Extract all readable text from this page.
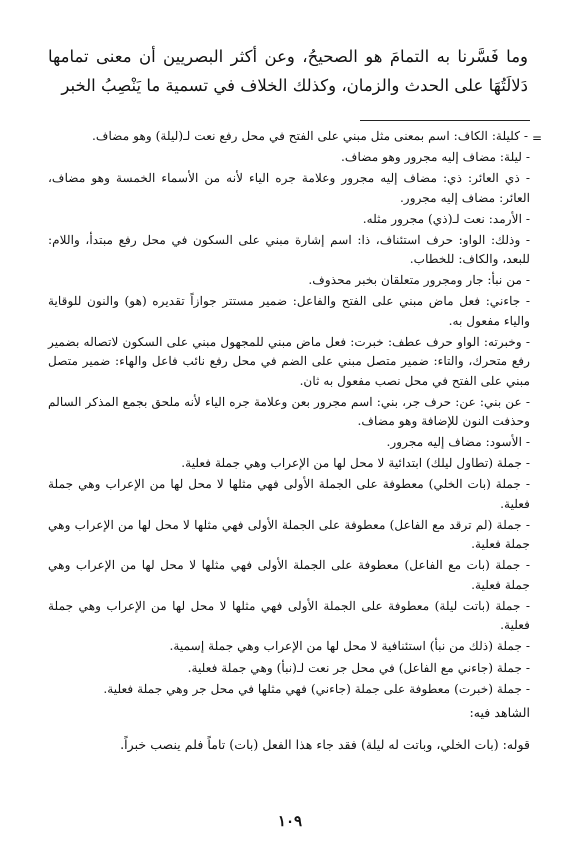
وما فَسَّرنا به التمامَ هو الصحيحُ، وعن أكثر البصريين أن معنى تمامها دَلالَتُهَا على الحدث والزمان، وكذلك الخلاف في تسمية ما يَنْصِبُ الخبر

=

- كليلة: الكاف: اسم بمعنى مثل مبني على الفتح في محل رفع نعت لـ(ليلة) وهو مضاف.

- ليلة: مضاف إليه مجرور وهو مضاف.

- ذي العائر: ذي: مضاف إليه مجرور وعلامة جره الياء لأنه من الأسماء الخمسة وهو مضاف، العائر: مضاف إليه مجرور.

- الأرمد: نعت لـ(ذي) مجرور مثله.

- وذلك: الواو: حرف استئناف، ذا: اسم إشارة مبني على السكون في محل رفع مبتدأ، واللام: للبعد، والكاف: للخطاب.

- من نبأ: جار ومجرور متعلقان بخبر محذوف.

- جاءني: فعل ماض مبني على الفتح والفاعل: ضمير مستتر جوازاً تقديره (هو) والنون للوقاية والياء مفعول به.

- وخبرته: الواو حرف عطف: خبرت: فعل ماض مبني للمجهول مبني على السكون لاتصاله بضمير رفع متحرك، والتاء: ضمير متصل مبني على الضم في محل رفع نائب فاعل والهاء: ضمير متصل مبني على الفتح في محل نصب مفعول به ثان.

- عن بني: عن: حرف جر، بني: اسم مجرور بعن وعلامة جره الياء لأنه ملحق بجمع المذكر السالم وحذفت النون للإضافة وهو مضاف.

- الأسود: مضاف إليه مجرور.

- جملة (تطاول ليلك) ابتدائية لا محل لها من الإعراب وهي جملة فعلية.

- جملة (بات الخلي) معطوفة على الجملة الأولى فهي مثلها لا محل لها من الإعراب وهي جملة فعلية.

- جملة (لم ترقد مع الفاعل) معطوفة على الجملة الأولى فهي مثلها لا محل لها من الإعراب وهي جملة فعلية.

- جملة (بات مع الفاعل) معطوفة على الجملة الأولى فهي مثلها لا محل لها من الإعراب وهي جملة فعلية.

- جملة (باتت ليلة) معطوفة على الجملة الأولى فهي مثلها لا محل لها من الإعراب وهي جملة فعلية.

- جملة (ذلك من نبأ) استئنافية لا محل لها من الإعراب وهي جملة إسمية.

- جملة (جاءني مع الفاعل) في محل جر نعت لـ(نبأ) وهي جملة فعلية.

- جملة (خبرت) معطوفة على جملة (جاءني) فهي مثلها في محل جر وهي جملة فعلية.

الشاهد فيه:

قوله: (بات الخلي، وباتت له ليلة) فقد جاء هذا الفعل (بات) تاماً فلم ينصب خبراً.

١٠٩
